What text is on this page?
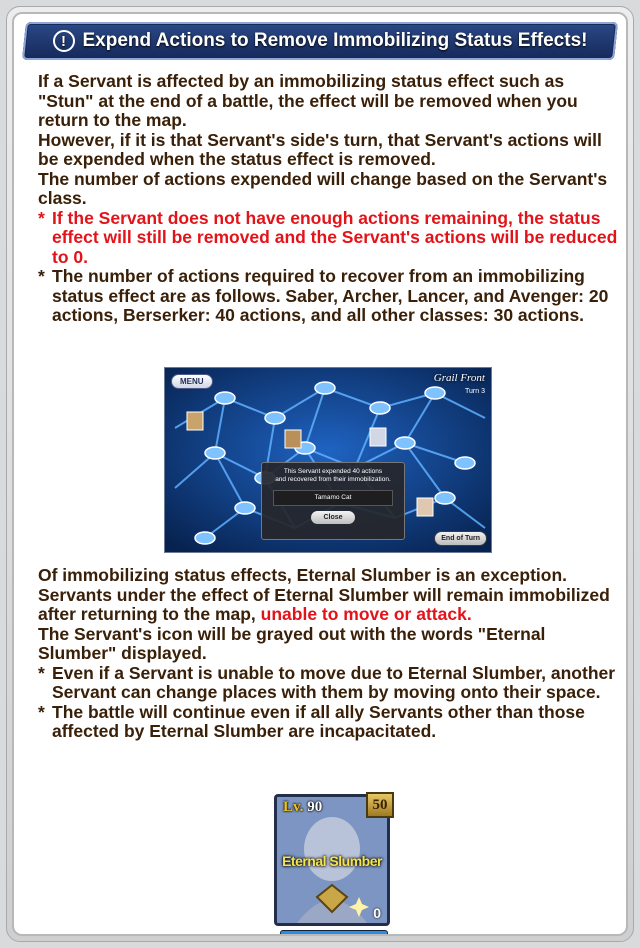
! Expend Actions to Remove Immobilizing Status Effects!

If a Servant is affected by an immobilizing status effect such as "Stun" at the end of a battle, the effect will be removed when you return to the map.

However, if it is that Servant's side's turn, that Servant's actions will be expended when the status effect is removed.

The number of actions expended will change based on the Servant's class.

* If the Servant does not have enough actions remaining, the status effect will still be removed and the Servant's actions will be reduced to 0.
* The number of actions required to recover from an immobilizing status effect are as follows. Saber, Archer, Lancer, and Avenger: 20 actions, Berserker: 40 actions, and all other classes: 30 actions.
MENU	Grail Front
Turn 3
This Servant expended 40 actions
and recovered from their immobilization.
Tamamo Cat
Close
End of Turn

Of immobilizing status effects, Eternal Slumber is an exception.

Servants under the effect of Eternal Slumber will remain immobilized after returning to the map, unable to move or attack.

The Servant's icon will be grayed out with the words "Eternal Slumber" displayed.

* Even if a Servant is unable to move due to Eternal Slumber, another Servant can change places with them by moving onto their space.
* The battle will continue even if all ally Servants other than those affected by Eternal Slumber are incapacitated.
Lv. 90
Eternal Slumber
0
50
